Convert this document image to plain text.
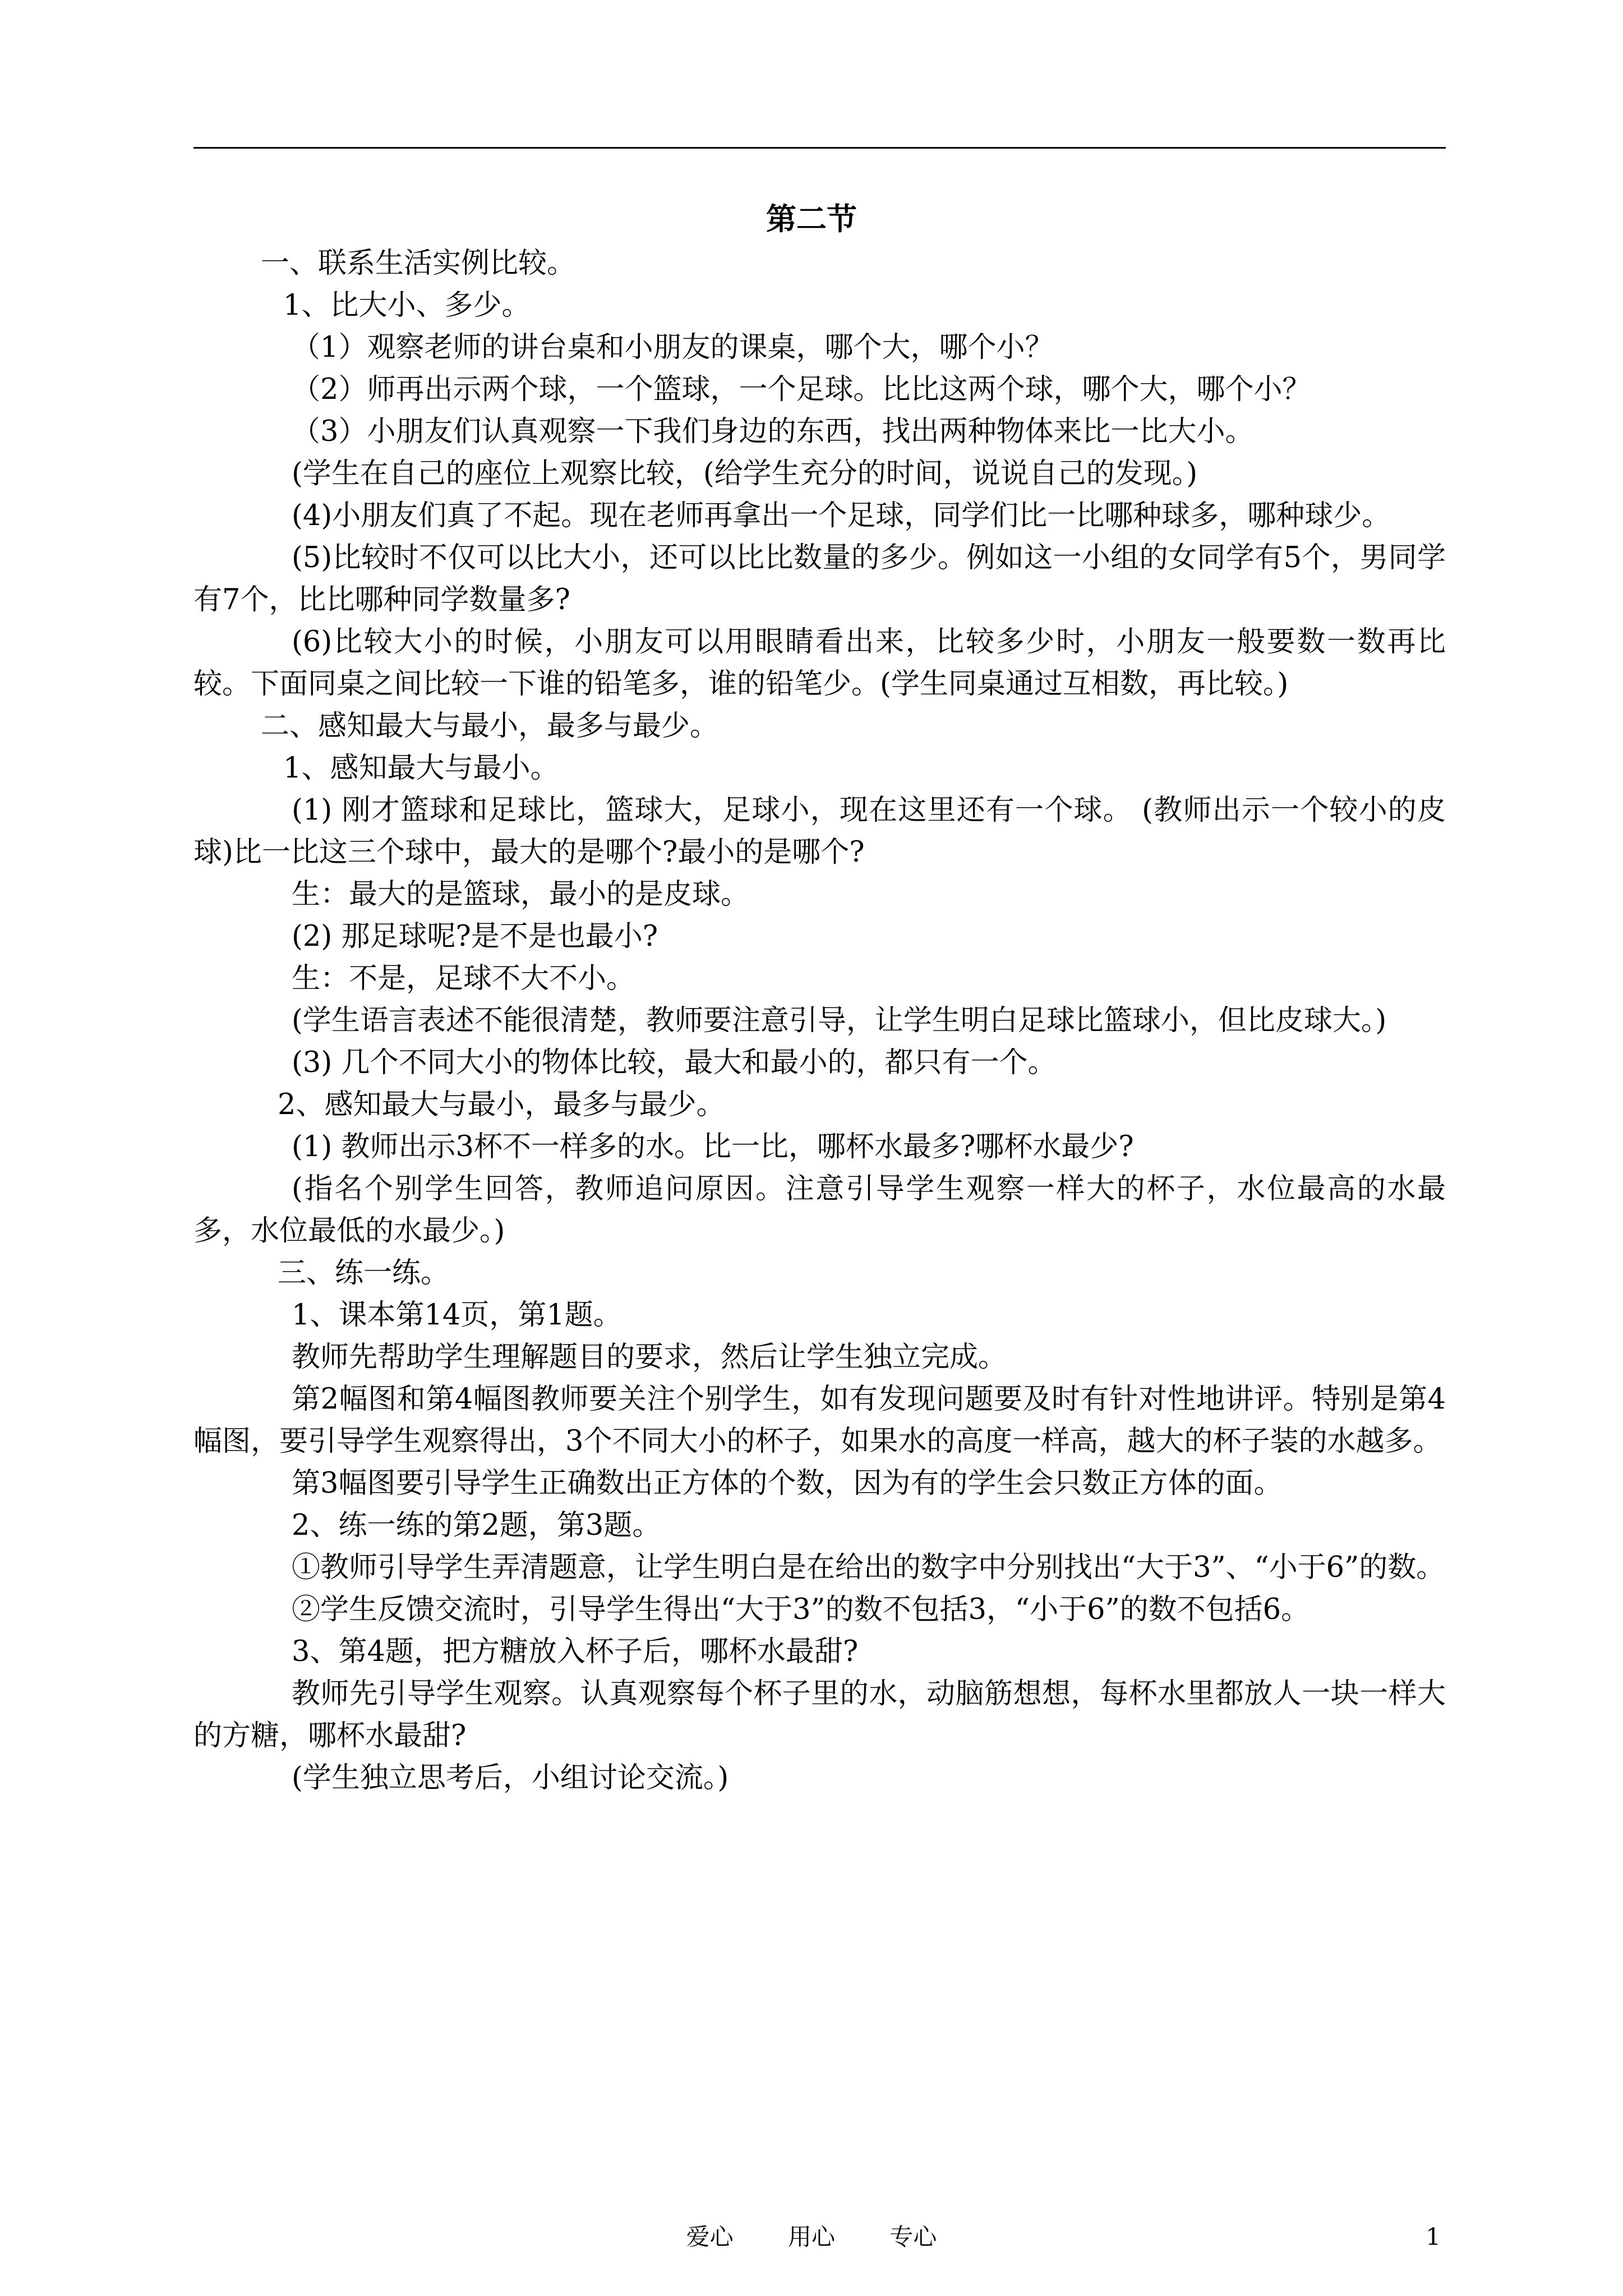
第二节

一、联系生活实例比较。

1、比大小、多少。

（1）观察老师的讲台桌和小朋友的课桌，哪个大，哪个小？

（2）师再出示两个球，一个篮球，一个足球。比比这两个球，哪个大，哪个小？

（3）小朋友们认真观察一下我们身边的东西，找出两种物体来比一比大小。

(学生在自己的座位上观察比较，(给学生充分的时间，说说自己的发现。)

(4)小朋友们真了不起。现在老师再拿出一个足球，同学们比一比哪种球多，哪种球少。

(5)比较时不仅可以比大小，还可以比比数量的多少。例如这一小组的女同学有5个，男同学有7个，比比哪种同学数量多?

(6)比较大小的时候，小朋友可以用眼睛看出来，比较多少时，小朋友一般要数一数再比较。下面同桌之间比较一下谁的铅笔多，谁的铅笔少。(学生同桌通过互相数，再比较。)

二、感知最大与最小，最多与最少。

1、感知最大与最小。

(1) 刚才篮球和足球比，篮球大，足球小，现在这里还有一个球。 (教师出示一个较小的皮球)比一比这三个球中，最大的是哪个?最小的是哪个?

生：最大的是篮球，最小的是皮球。

(2) 那足球呢?是不是也最小?

生：不是，足球不大不小。

(学生语言表述不能很清楚，教师要注意引导，让学生明白足球比篮球小，但比皮球大。)

(3) 几个不同大小的物体比较，最大和最小的，都只有一个。

2、感知最大与最小，最多与最少。

(1) 教师出示3杯不一样多的水。比一比，哪杯水最多?哪杯水最少?

(指名个别学生回答，教师追问原因。注意引导学生观察一样大的杯子，水位最高的水最多，水位最低的水最少。)

三、练一练。

1、课本第14页，第1题。

教师先帮助学生理解题目的要求，然后让学生独立完成。

第2幅图和第4幅图教师要关注个别学生，如有发现问题要及时有针对性地讲评。特别是第4幅图，要引导学生观察得出，3个不同大小的杯子，如果水的高度一样高，越大的杯子装的水越多。

第3幅图要引导学生正确数出正方体的个数，因为有的学生会只数正方体的面。

2、练一练的第2题，第3题。

①教师引导学生弄清题意，让学生明白是在给出的数字中分别找出“大于3”、“小于6”的数。

②学生反馈交流时，引导学生得出“大于3”的数不包括3，“小于6”的数不包括6。

3、第4题，把方糖放入杯子后，哪杯水最甜?

教师先引导学生观察。认真观察每个杯子里的水，动脑筋想想，每杯水里都放人一块一样大的方糖，哪杯水最甜?

(学生独立思考后，小组讨论交流。)

爱心 用心 专心	1
